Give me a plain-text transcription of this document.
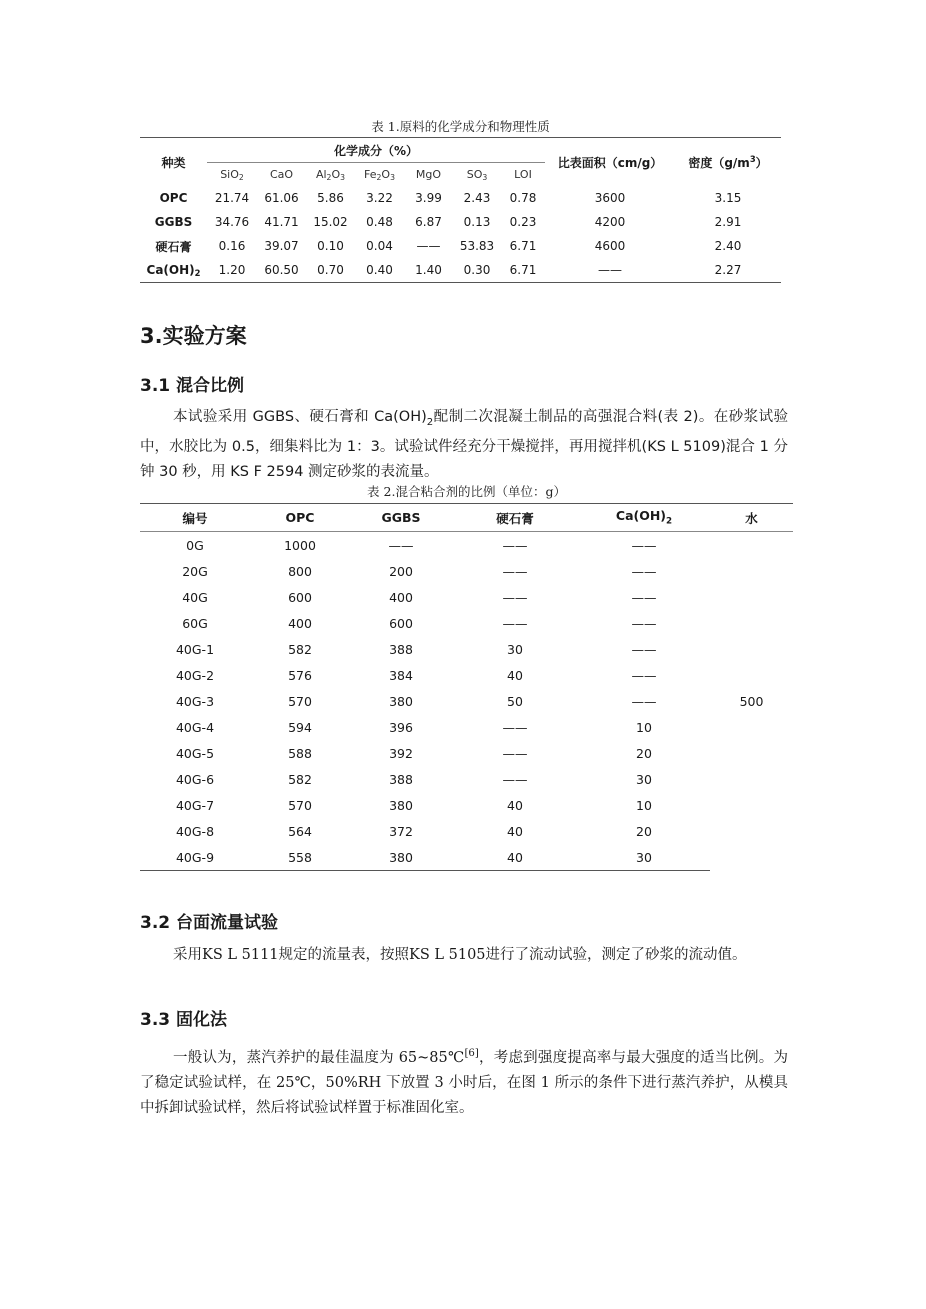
表 1.原料的化学成分和物理性质
种类	化学成分（%）							比表面积（cm/g）	密度$(g/m^3)$
	SiO$_2$	CaO	$Al_2O_3$	$Fe_2O_3$	MgO	$SO_3$	LOI		
OPC	21.74	61.06	5.86	3.22	3.99	2.43	0.78	3600	3.15
GGBS	34.76	41.71	15.02	0.48	6.87	0.13	0.23	4200	2.91
硬石膏	0.16	39.07	0.10	0.04	——	53.83	6.71	4600	2.40
$Ca(OH)_2$	1.20	60.50	0.70	0.40	1.40	0.30	6.71	——	2.27
3.实验方案
3.1 混合比例
本试验采用 GGBS、硬石膏和 $Ca(OH)_2$配制二次混凝土制品的高强混合料(表 2)。在砂浆试验中，水胶比为 0.5，细集料比为 1：3。试验试件经充分干燥搅拌，再用搅拌机(KS L 5109)混合 1 分钟 30 秒，用 KS F 2594 测定砂浆的表流量。
表 2.混合粘合剂的比例（单位：g）
编号	OPC	GGBS	硬石膏	$Ca(OH)_2$	水
0G	1000	——	——	——	500
20G	800	200	——	——	
40G	600	400	——	——	
60G	400	600	——	——	
40G-1	582	388	30	——	
40G-2	576	384	40	——	
40G-3	570	380	50	——	
40G-4	594	396	——	10	
40G-5	588	392	——	20	
40G-6	582	388	——	30	
40G-7	570	380	40	10	
40G-8	564	372	40	20	
40G-9	558	380	40	30	
3.2 台面流量试验
采用KS L 5111规定的流量表，按照KS L 5105进行了流动试验，测定了砂浆的流动值。
3.3 固化法
一般认为，蒸汽养护的最佳温度为 65~85℃[6]，考虑到强度提高率与最大强度的适当比例。为了稳定试验试样，在 25℃，50%RH 下放置 3 小时后，在图 1 所示的条件下进行蒸汽养护，从模具中拆卸试验试样，然后将试验试样置于标准固化室。
